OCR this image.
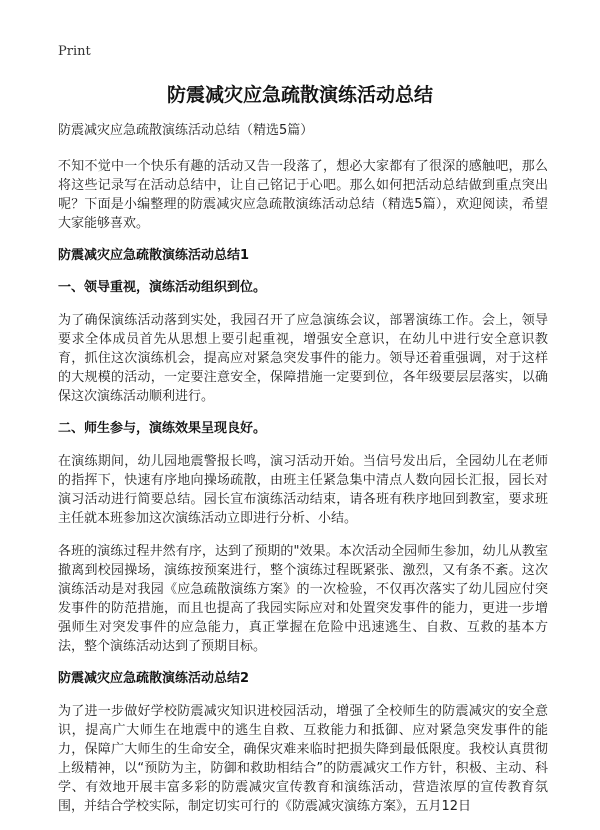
Print
防震减灾应急疏散演练活动总结
防震减灾应急疏散演练活动总结（精选5篇）

不知不觉中一个快乐有趣的活动又告一段落了，想必大家都有了很深的感触吧，那么将这些记录写在活动总结中，让自己铭记于心吧。那么如何把活动总结做到重点突出呢？下面是小编整理的防震减灾应急疏散演练活动总结（精选5篇），欢迎阅读，希望大家能够喜欢。

防震减灾应急疏散演练活动总结1
一、领导重视，演练活动组织到位。

为了确保演练活动落到实处，我园召开了应急演练会议，部署演练工作。会上，领导要求全体成员首先从思想上要引起重视，增强安全意识，在幼儿中进行安全意识教育，抓住这次演练机会，提高应对紧急突发事件的能力。领导还着重强调，对于这样的大规模的活动，一定要注意安全，保障措施一定要到位，各年级要层层落实，以确保这次演练活动顺利进行。

二、师生参与，演练效果呈现良好。

在演练期间，幼儿园地震警报长鸣，演习活动开始。当信号发出后，全园幼儿在老师的指挥下，快速有序地向操场疏散，由班主任紧急集中清点人数向园长汇报，园长对演习活动进行简要总结。园长宣布演练活动结束，请各班有秩序地回到教室，要求班主任就本班参加这次演练活动立即进行分析、小结。

各班的演练过程井然有序，达到了预期的"效果。本次活动全园师生参加，幼儿从教室撤离到校园操场，演练按预案进行，整个演练过程既紧张、激烈，又有条不紊。这次演练活动是对我园《应急疏散演练方案》的一次检验，不仅再次落实了幼儿园应付突发事件的防范措施，而且也提高了我园实际应对和处置突发事件的能力，更进一步增强师生对突发事件的应急能力，真正掌握在危险中迅速逃生、自救、互救的基本方法，整个演练活动达到了预期目标。

防震减灾应急疏散演练活动总结2

为了进一步做好学校防震减灾知识进校园活动，增强了全校师生的防震减灾的安全意识，提高广大师生在地震中的逃生自救、互救能力和抵御、应对紧急突发事件的能力，保障广大师生的生命安全，确保灾难来临时把损失降到最低限度。我校认真贯彻上级精神，以“预防为主，防御和救助相结合”的防震减灾工作方针，积极、主动、科学、有效地开展丰富多彩的防震减灾宣传教育和演练活动，营造浓厚的宣传教育氛围，并结合学校实际，制定切实可行的《防震减灾演练方案》，五月12日
